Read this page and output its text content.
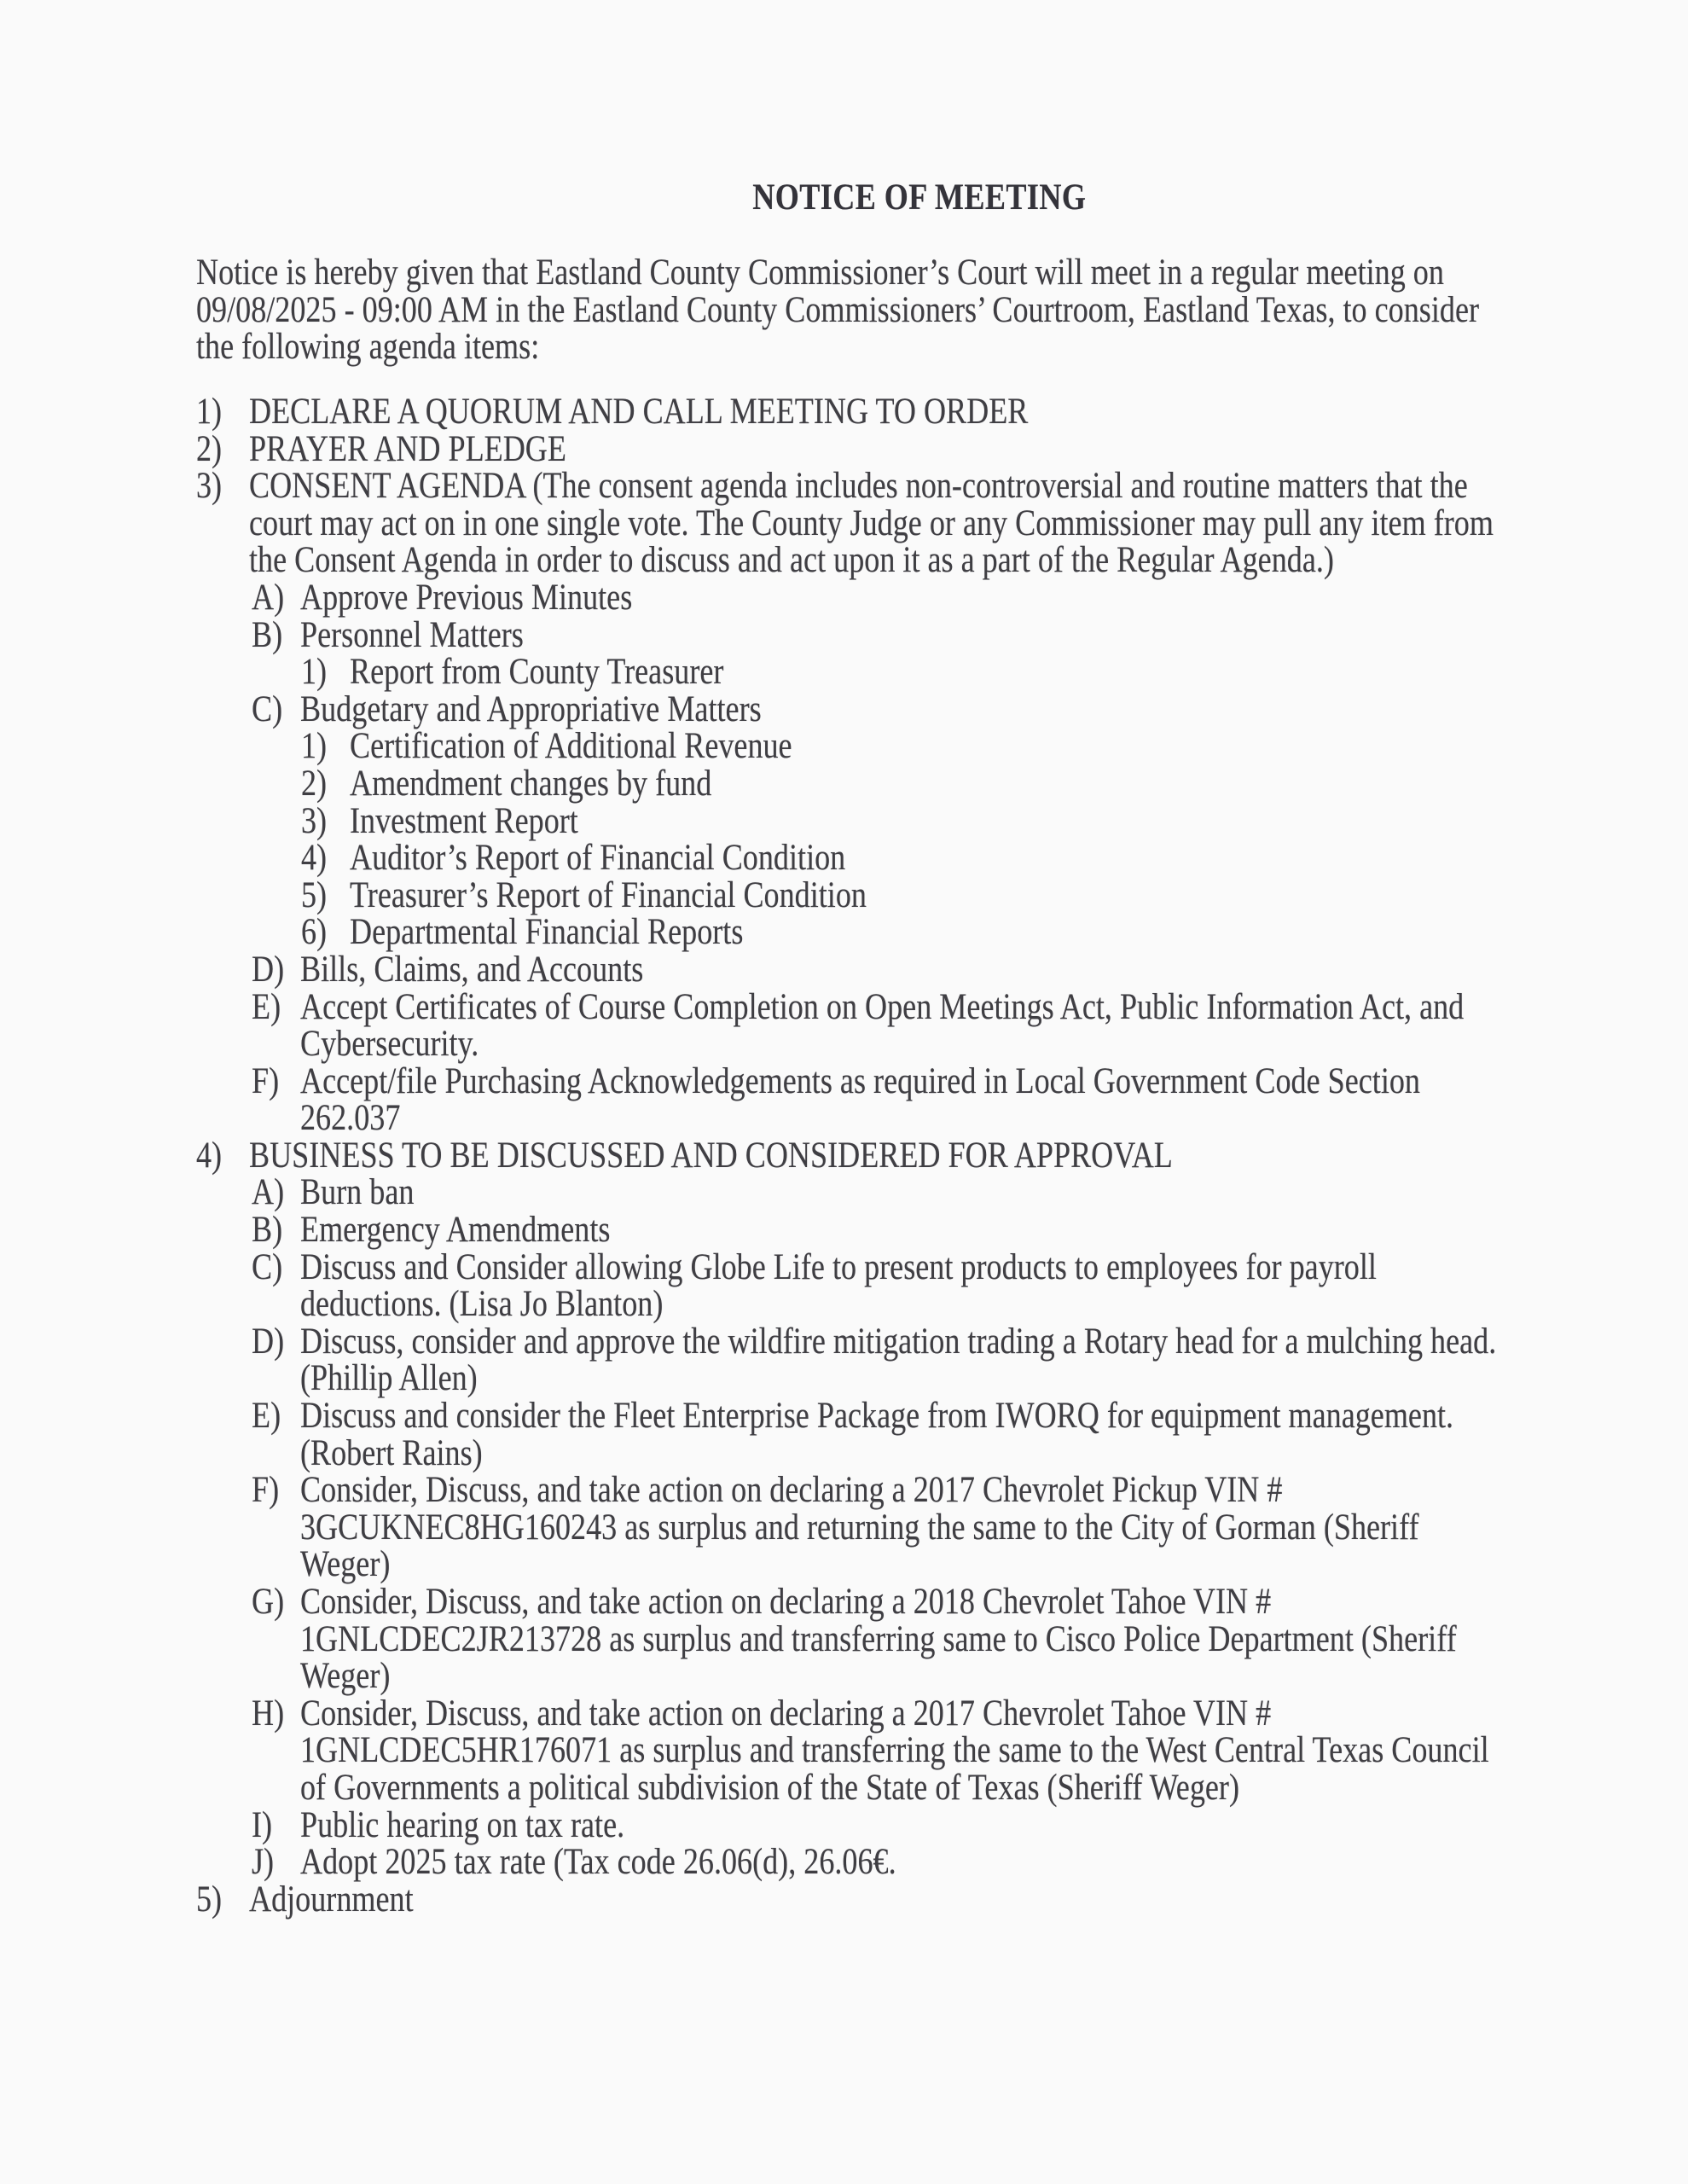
NOTICE OF MEETING
Notice is hereby given that Eastland County Commissioner’s Court will meet in a regular meeting on
09/08/2025 - 09:00 AM in the Eastland County Commissioners’ Courtroom, Eastland Texas, to consider
the following agenda items:
1) DECLARE A QUORUM AND CALL MEETING TO ORDER
2) PRAYER AND PLEDGE
3) CONSENT AGENDA (The consent agenda includes non-controversial and routine matters that the
court may act on in one single vote. The County Judge or any Commissioner may pull any item from
the Consent Agenda in order to discuss and act upon it as a part of the Regular Agenda.)
A) Approve Previous Minutes
B) Personnel Matters
1) Report from County Treasurer
C) Budgetary and Appropriative Matters
1) Certification of Additional Revenue
2) Amendment changes by fund
3) Investment Report
4) Auditor’s Report of Financial Condition
5) Treasurer’s Report of Financial Condition
6) Departmental Financial Reports
D) Bills, Claims, and Accounts
E) Accept Certificates of Course Completion on Open Meetings Act, Public Information Act, and
Cybersecurity.
F) Accept/file Purchasing Acknowledgements as required in Local Government Code Section
262.037
4) BUSINESS TO BE DISCUSSED AND CONSIDERED FOR APPROVAL
A) Burn ban
B) Emergency Amendments
C) Discuss and Consider allowing Globe Life to present products to employees for payroll
deductions. (Lisa Jo Blanton)
D) Discuss, consider and approve the wildfire mitigation trading a Rotary head for a mulching head.
(Phillip Allen)
E) Discuss and consider the Fleet Enterprise Package from IWORQ for equipment management.
(Robert Rains)
F) Consider, Discuss, and take action on declaring a 2017 Chevrolet Pickup VIN #
3GCUKNEC8HG160243 as surplus and returning the same to the City of Gorman (Sheriff
Weger)
G) Consider, Discuss, and take action on declaring a 2018 Chevrolet Tahoe VIN #
1GNLCDEC2JR213728 as surplus and transferring same to Cisco Police Department (Sheriff
Weger)
H) Consider, Discuss, and take action on declaring a 2017 Chevrolet Tahoe VIN #
1GNLCDEC5HR176071 as surplus and transferring the same to the West Central Texas Council
of Governments a political subdivision of the State of Texas (Sheriff Weger)
I) Public hearing on tax rate.
J) Adopt 2025 tax rate (Tax code 26.06(d), 26.06€.
5) Adjournment
